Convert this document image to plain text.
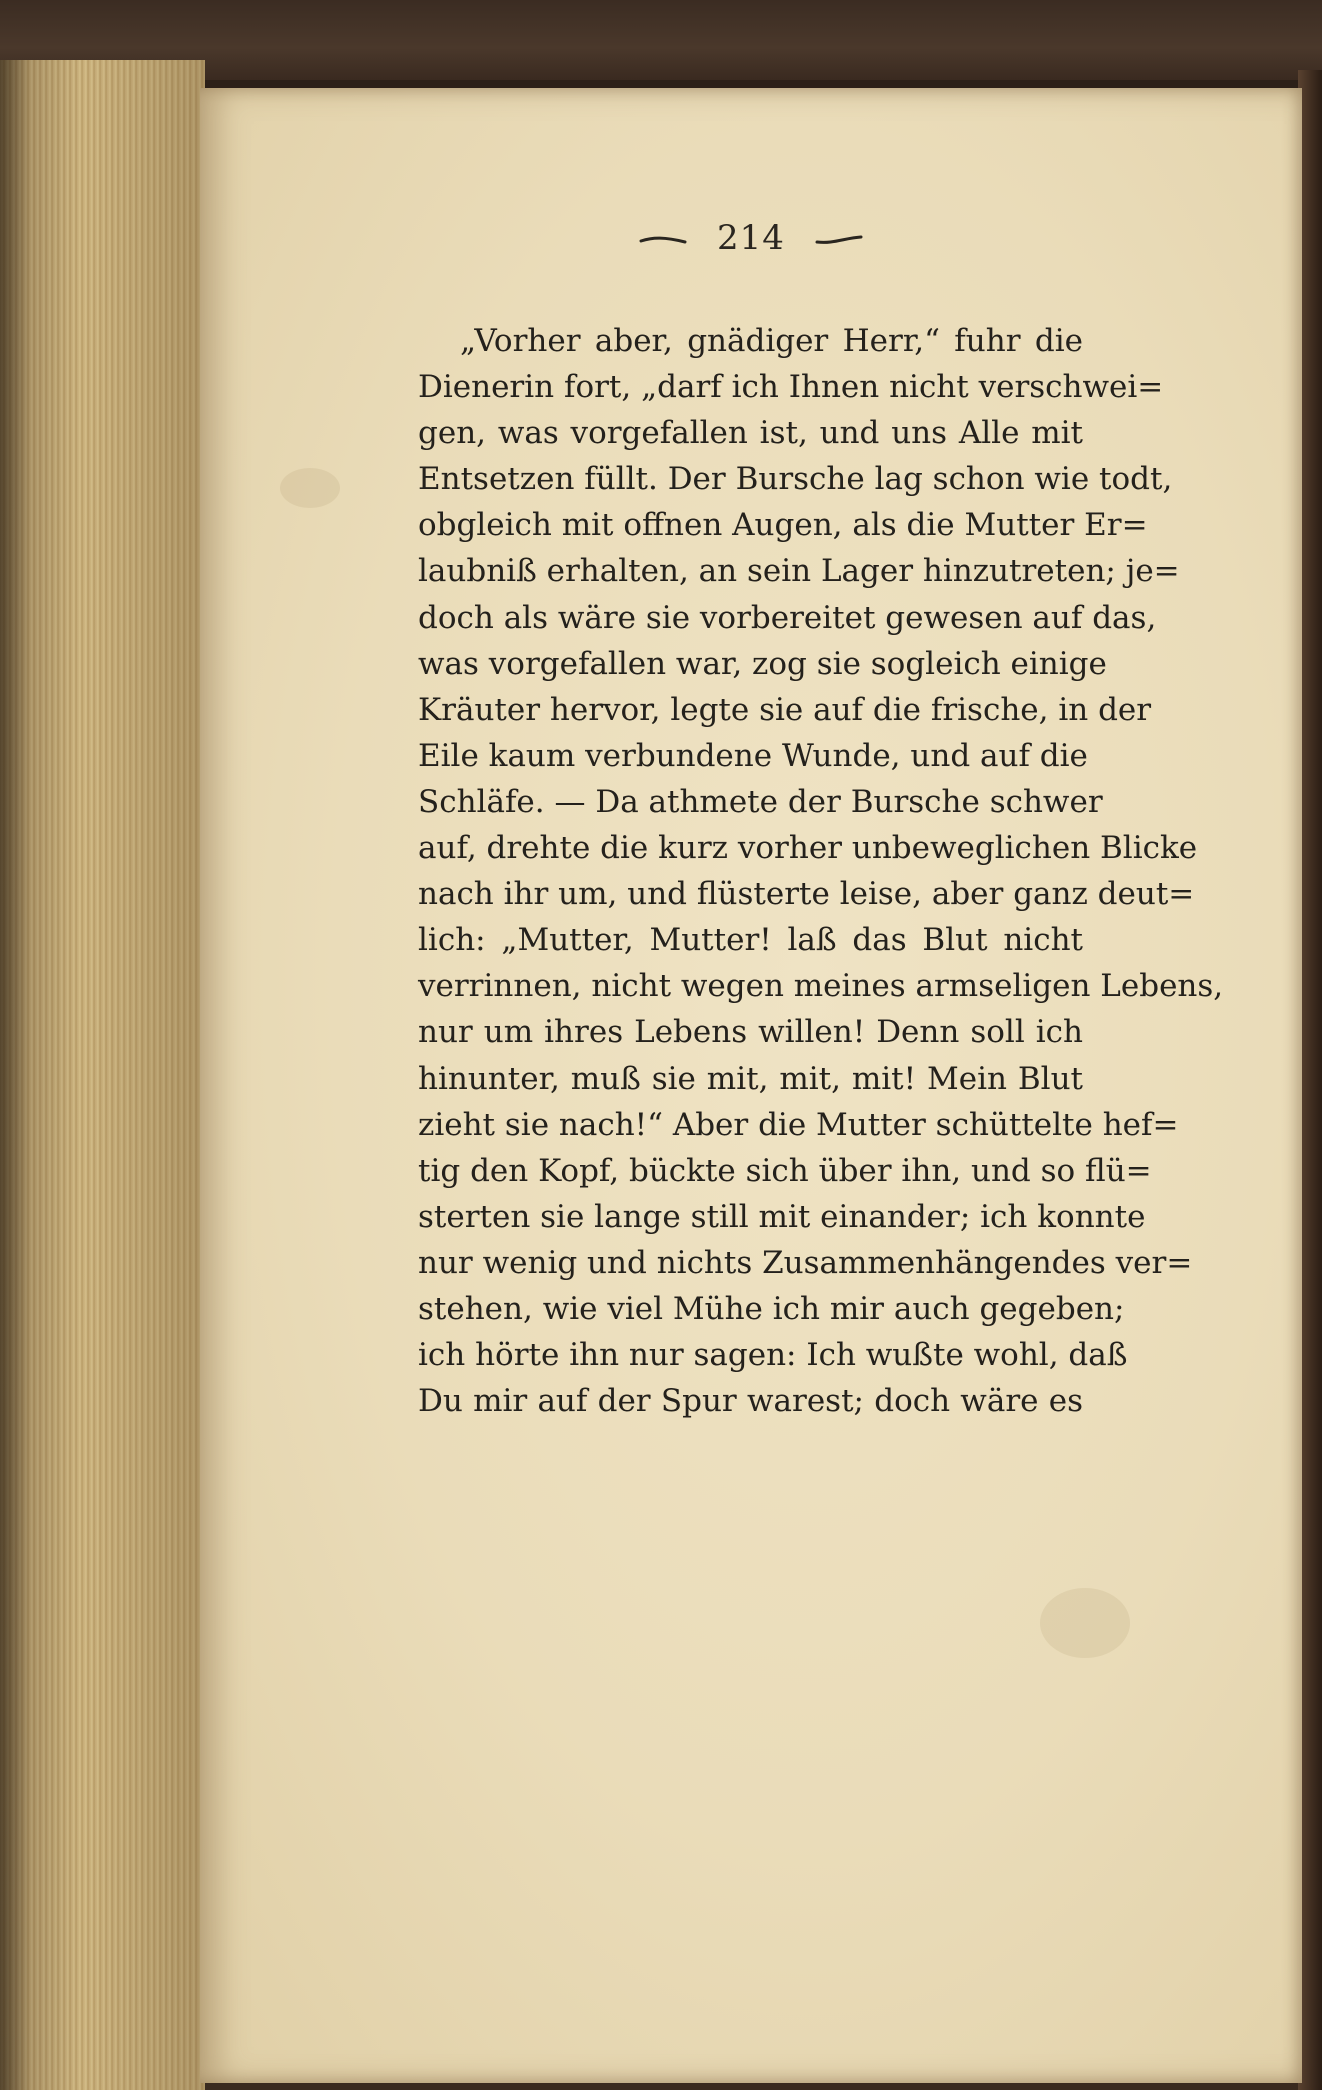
214
„Vorher aber, gnädiger Herr,“ fuhr die
Dienerin fort, „darf ich Ihnen nicht verschwei=
gen, was vorgefallen ist, und uns Alle mit
Entsetzen füllt. Der Bursche lag schon wie todt,
obgleich mit offnen Augen, als die Mutter Er=
laubniß erhalten, an sein Lager hinzutreten; je=
doch als wäre sie vorbereitet gewesen auf das,
was vorgefallen war, zog sie sogleich einige
Kräuter hervor, legte sie auf die frische, in der
Eile kaum verbundene Wunde, und auf die
Schläfe. — Da athmete der Bursche schwer
auf, drehte die kurz vorher unbeweglichen Blicke
nach ihr um, und flüsterte leise, aber ganz deut=
lich: „Mutter, Mutter! laß das Blut nicht
verrinnen, nicht wegen meines armseligen Lebens,
nur um ihres Lebens willen! Denn soll ich
hinunter, muß sie mit, mit, mit! Mein Blut
zieht sie nach!“ Aber die Mutter schüttelte hef=
tig den Kopf, bückte sich über ihn, und so flü=
sterten sie lange still mit einander; ich konnte
nur wenig und nichts Zusammenhängendes ver=
stehen, wie viel Mühe ich mir auch gegeben;
ich hörte ihn nur sagen: Ich wußte wohl, daß
Du mir auf der Spur warest; doch wäre es
